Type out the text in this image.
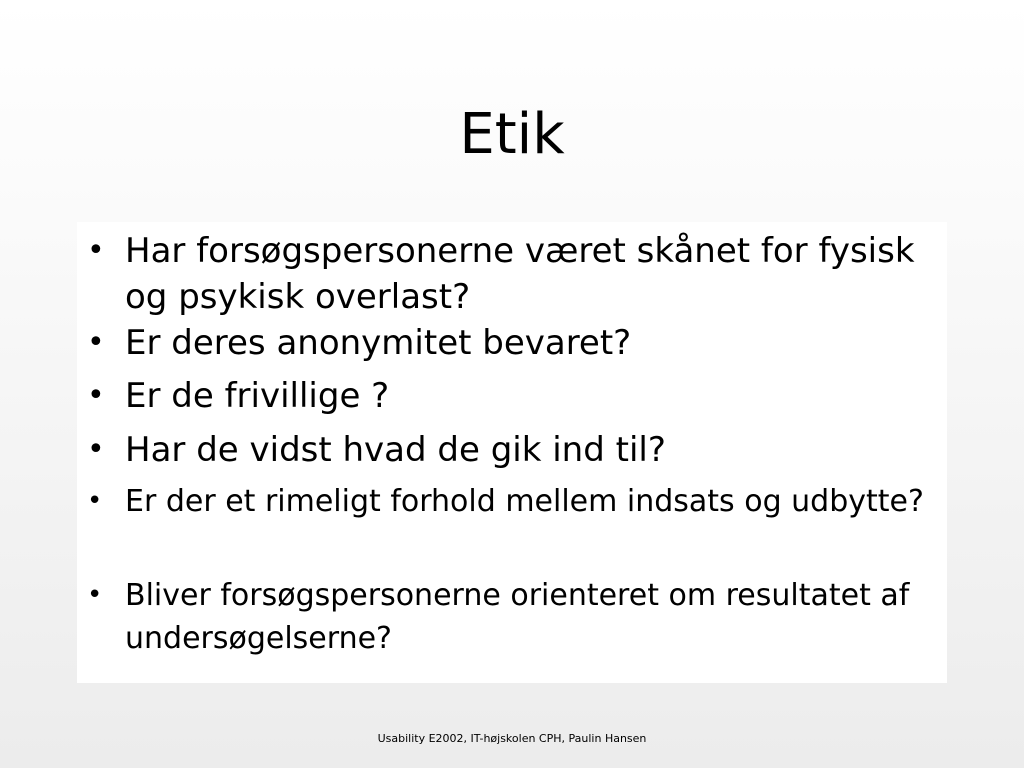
Etik
• Har forsøgspersonerne været skånet for fysisk og psykisk overlast?
• Er deres anonymitet bevaret?
• Er de frivillige ?
• Har de vidst hvad de gik ind til?
• Er der et rimeligt forhold mellem indsats og udbytte?
• Bliver forsøgspersonerne orienteret om resultatet af undersøgelserne?
Usability E2002, IT-højskolen CPH, Paulin Hansen
